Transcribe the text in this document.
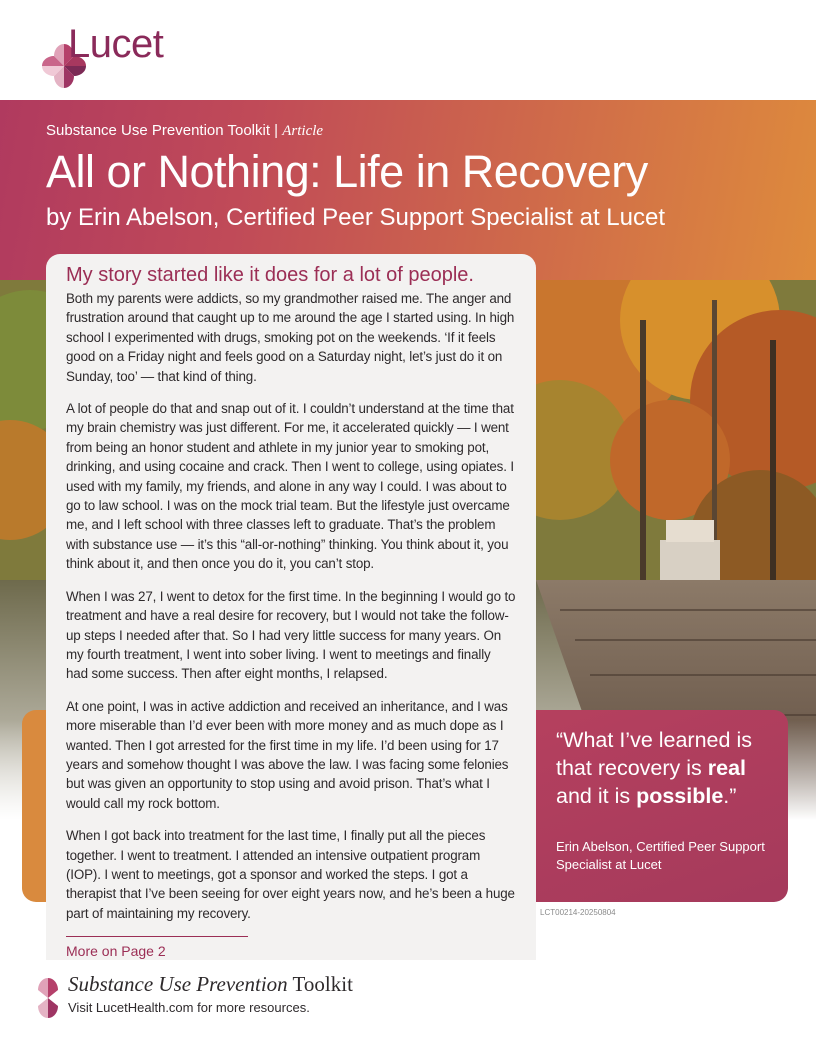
Lucet
Substance Use Prevention Toolkit | Article
All or Nothing: Life in Recovery
by Erin Abelson, Certified Peer Support Specialist at Lucet
My story started like it does for a lot of people.

Both my parents were addicts, so my grandmother raised me. The anger and frustration around that caught up to me around the age I started using. In high school I experimented with drugs, smoking pot on the weekends. ‘If it feels good on a Friday night and feels good on a Saturday night, let’s just do it on Sunday, too’ — that kind of thing.

A lot of people do that and snap out of it. I couldn’t understand at the time that my brain chemistry was just different. For me, it accelerated quickly — I went from being an honor student and athlete in my junior year to smoking pot, drinking, and using cocaine and crack. Then I went to college, using opiates. I used with my family, my friends, and alone in any way I could. I was about to go to law school. I was on the mock trial team. But the lifestyle just overcame me, and I left school with three classes left to graduate. That’s the problem with substance use — it’s this “all-or-nothing” thinking. You think about it, you think about it, and then once you do it, you can’t stop.

When I was 27, I went to detox for the first time. In the beginning I would go to treatment and have a real desire for recovery, but I would not take the follow-up steps I needed after that. So I had very little success for many years. On my fourth treatment, I went into sober living. I went to meetings and finally had some success. Then after eight months, I relapsed.

At one point, I was in active addiction and received an inheritance, and I was more miserable than I’d ever been with more money and as much dope as I wanted. Then I got arrested for the first time in my life. I’d been using for 17 years and somehow thought I was above the law. I was facing some felonies but was given an opportunity to stop using and avoid prison. That’s what I would call my rock bottom.

When I got back into treatment for the last time, I finally put all the pieces together. I went to treatment. I attended an intensive outpatient program (IOP). I went to meetings, got a sponsor and worked the steps. I got a therapist that I’ve been seeing for over eight years now, and he’s been a huge part of maintaining my recovery.

More on Page 2
“What I’ve learned is that recovery is real and it is possible.”
Erin Abelson, Certified Peer Support Specialist at Lucet
LCT00214-20250804
Substance Use Prevention Toolkit
Visit LucetHealth.com for more resources.
